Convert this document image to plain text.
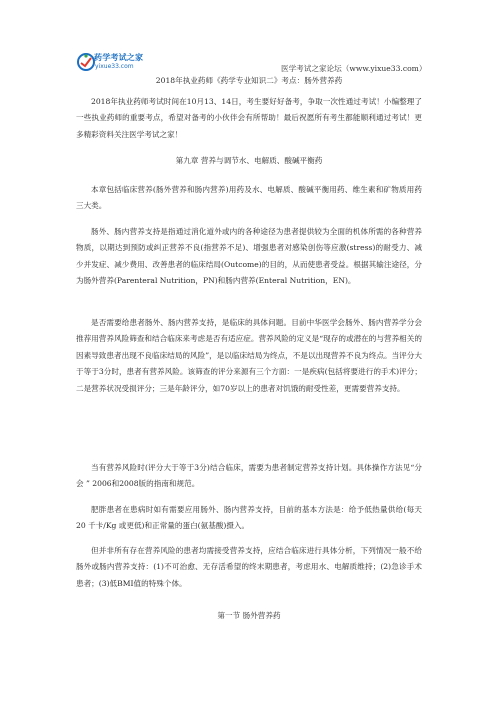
药学考试之家
yixue33.com	医学考试之家论坛（www.yixue33.com）
2018年执业药师《药学专业知识二》考点：肠外营养药

2018年执业药师考试时间在10月13、14日，考生要好好备考，争取一次性通过考试！小编整理了一些执业药师的重要考点，希望对备考的小伙伴会有所帮助！最后祝愿所有考生都能顺利通过考试！更多精彩资料关注医学考试之家！

第九章 营养与调节水、电解质、酸碱平衡药

本章包括临床营养(肠外营养和肠内营养)用药及水、电解质、酸碱平衡用药、维生素和矿物质用药三大类。

肠外、肠内营养支持是指通过消化道外或内的各种途径为患者提供较为全面的机体所需的各种营养物质，以期达到预防或纠正营养不良(指营养不足)、增强患者对感染创伤等应激(stress)的耐受力、减少并发症、减少费用、改善患者的临床结局(Outcome)的目的，从而使患者受益。根据其输注途径，分为肠外营养(Parenteral Nutrition，PN)和肠内营养(Enteral Nutrition，EN)。

是否需要给患者肠外、肠内营养支持，是临床的具体问题。目前中华医学会肠外、肠内营养学分会推荐用营养风险筛查和结合临床来考虑是否有适应症。营养风险的定义是“现存的或潜在的与营养相关的因素导致患者出现不良临床结局的风险”，是以临床结局为终点，不是以出现营养不良为终点。当评分大于等于3分时，患者有营养风险。该筛查的评分来源有三个方面：一是疾病(包括将要进行的手术)评分；二是营养状况受损评分；三是年龄评分，如70岁以上的患者对饥饿的耐受性差，更需要营养支持。

当有营养风险时(评分大于等于3分)结合临床，需要为患者制定营养支持计划。具体操作方法见“分会 ” 2006和2008版的指南和规范。

肥胖患者在患病时如有需要应用肠外、肠内营养支持，目前的基本方法是：给予低热量供给(每天 20 千卡/Kg 或更低)和正常量的蛋白(氨基酸)摄入。

但并非所有存在营养风险的患者均需接受营养支持，应结合临床进行具体分析，下列情况一般不给肠外或肠内营养支持：(1)不可治愈、无存活希望的终末期患者，考虑用水、电解质维持；(2)急诊手术患者；(3)低BMI值的特殊个体。

第一节 肠外营养药
